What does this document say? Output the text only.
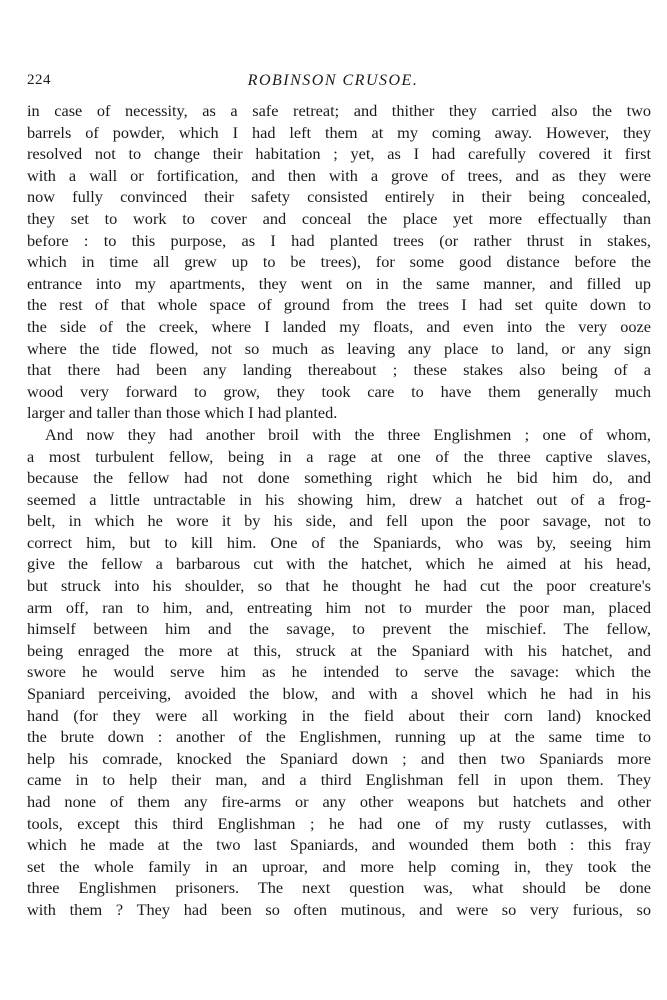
224	ROBINSON CRUSOE.
in case of necessity, as a safe retreat; and thither they carried also the two
barrels of powder, which I had left them at my coming away. However, they
resolved not to change their habitation ; yet, as I had carefully covered it first
with a wall or fortification, and then with a grove of trees, and as they were
now fully convinced their safety consisted entirely in their being concealed,
they set to work to cover and conceal the place yet more effectually than
before : to this purpose, as I had planted trees (or rather thrust in stakes,
which in time all grew up to be trees), for some good distance before the
entrance into my apartments, they went on in the same manner, and filled up
the rest of that whole space of ground from the trees I had set quite down to
the side of the creek, where I landed my floats, and even into the very ooze
where the tide flowed, not so much as leaving any place to land, or any sign
that there had been any landing thereabout ; these stakes also being of a
wood very forward to grow, they took care to have them generally much
larger and taller than those which I had planted.
And now they had another broil with the three Englishmen ; one of whom,
a most turbulent fellow, being in a rage at one of the three captive slaves,
because the fellow had not done something right which he bid him do, and
seemed a little untractable in his showing him, drew a hatchet out of a frog-
belt, in which he wore it by his side, and fell upon the poor savage, not to
correct him, but to kill him. One of the Spaniards, who was by, seeing him
give the fellow a barbarous cut with the hatchet, which he aimed at his head,
but struck into his shoulder, so that he thought he had cut the poor creature's
arm off, ran to him, and, entreating him not to murder the poor man, placed
himself between him and the savage, to prevent the mischief. The fellow,
being enraged the more at this, struck at the Spaniard with his hatchet, and
swore he would serve him as he intended to serve the savage: which the
Spaniard perceiving, avoided the blow, and with a shovel which he had in his
hand (for they were all working in the field about their corn land) knocked
the brute down : another of the Englishmen, running up at the same time to
help his comrade, knocked the Spaniard down ; and then two Spaniards more
came in to help their man, and a third Englishman fell in upon them. They
had none of them any fire-arms or any other weapons but hatchets and other
tools, except this third Englishman ; he had one of my rusty cutlasses, with
which he made at the two last Spaniards, and wounded them both : this fray
set the whole family in an uproar, and more help coming in, they took the
three Englishmen prisoners. The next question was, what should be done
with them ? They had been so often mutinous, and were so very furious, so
